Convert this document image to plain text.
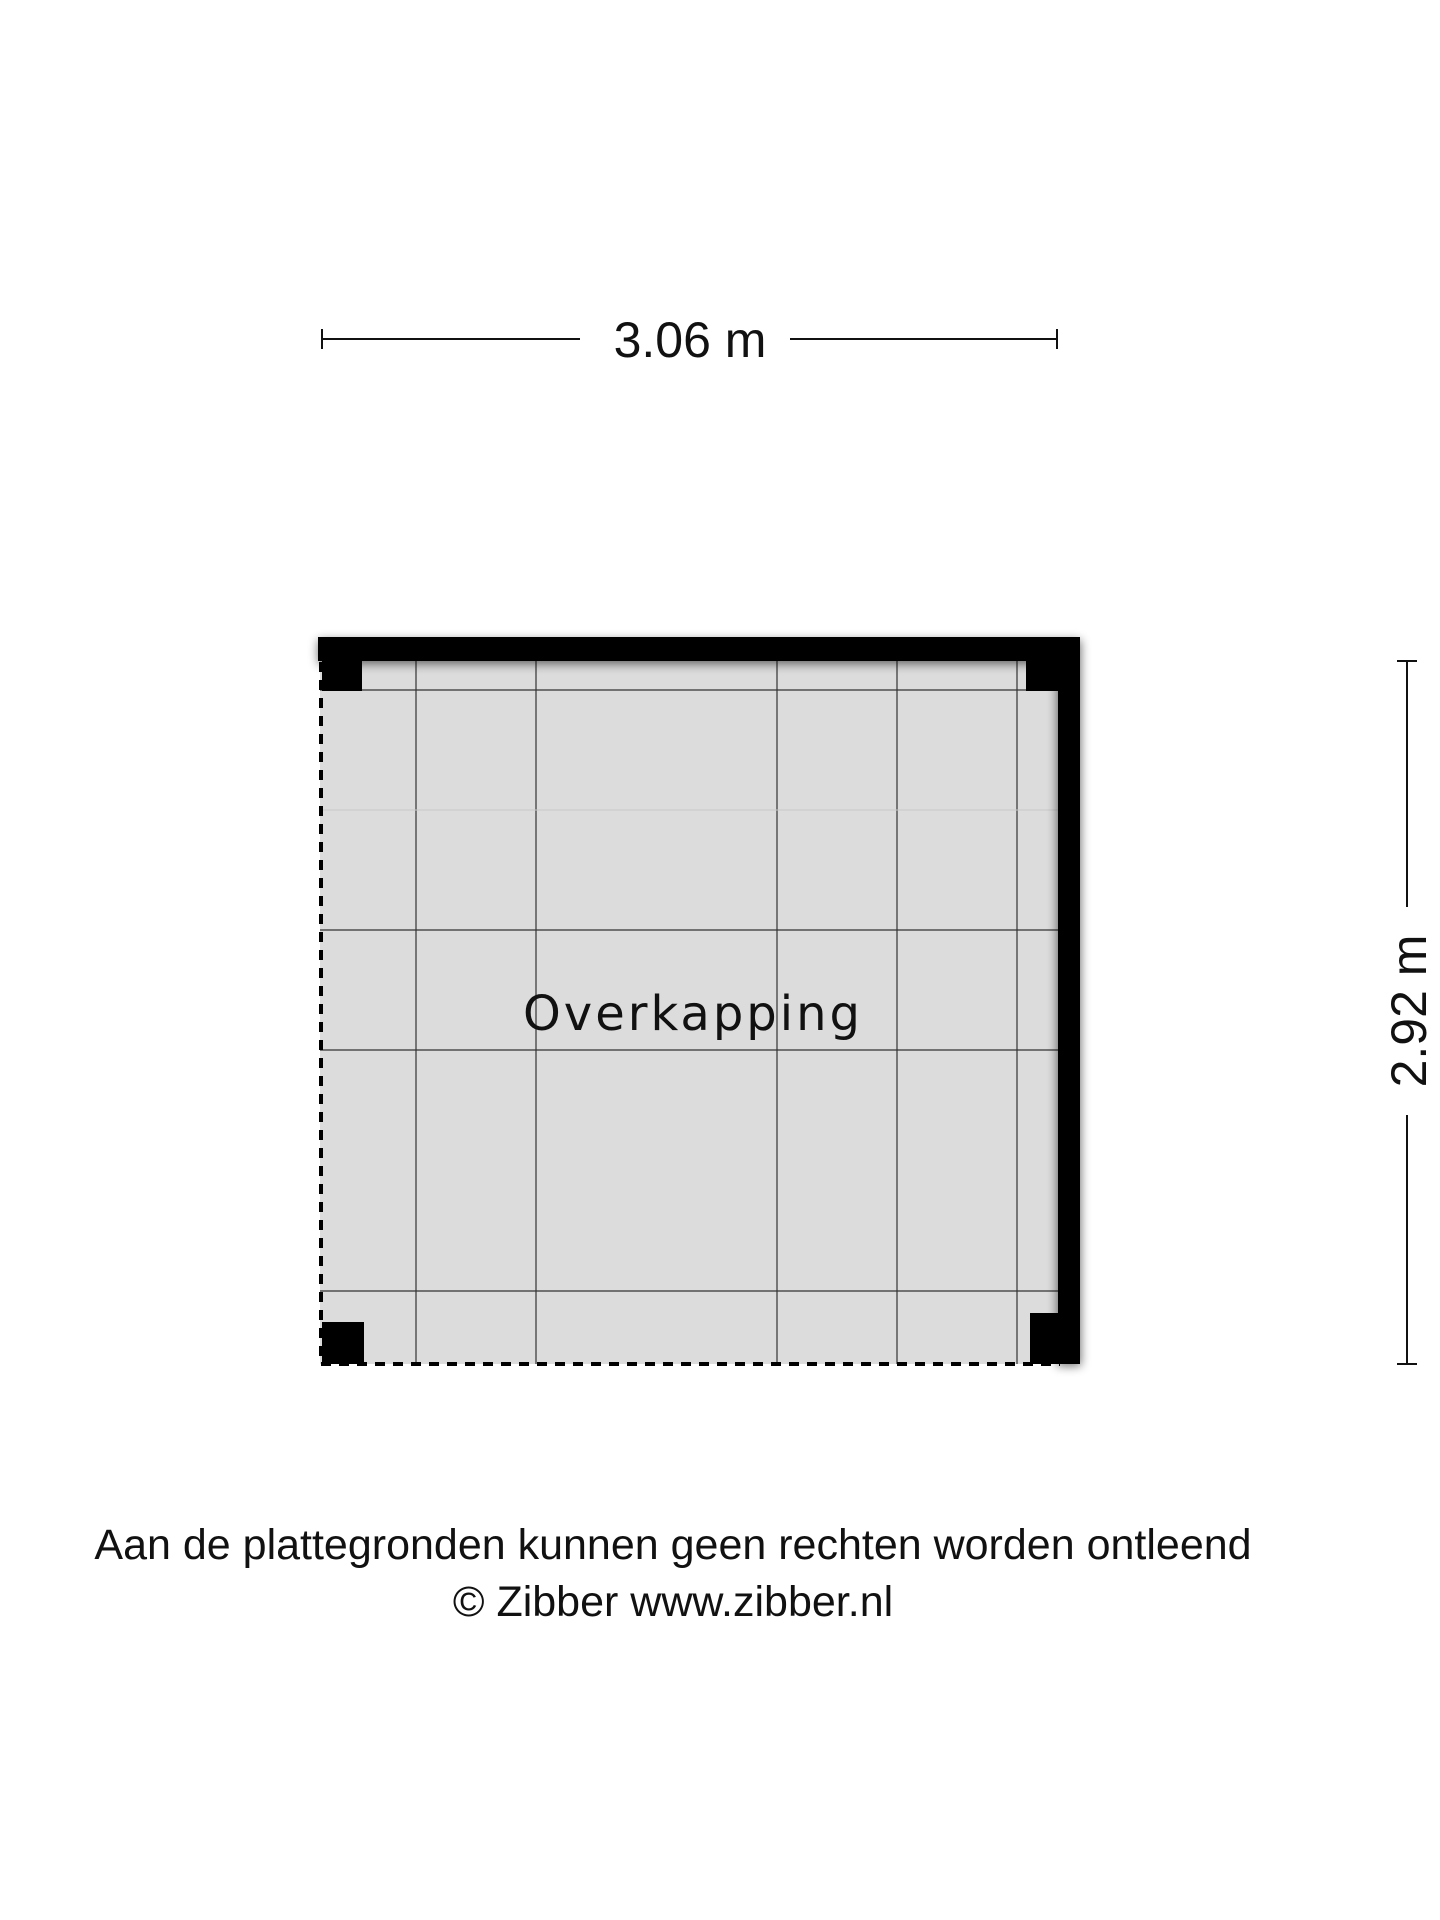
3.06 m
2.92 m
Overkapping
Aan de plattegronden kunnen geen rechten worden ontleend
© Zibber www.zibber.nl
